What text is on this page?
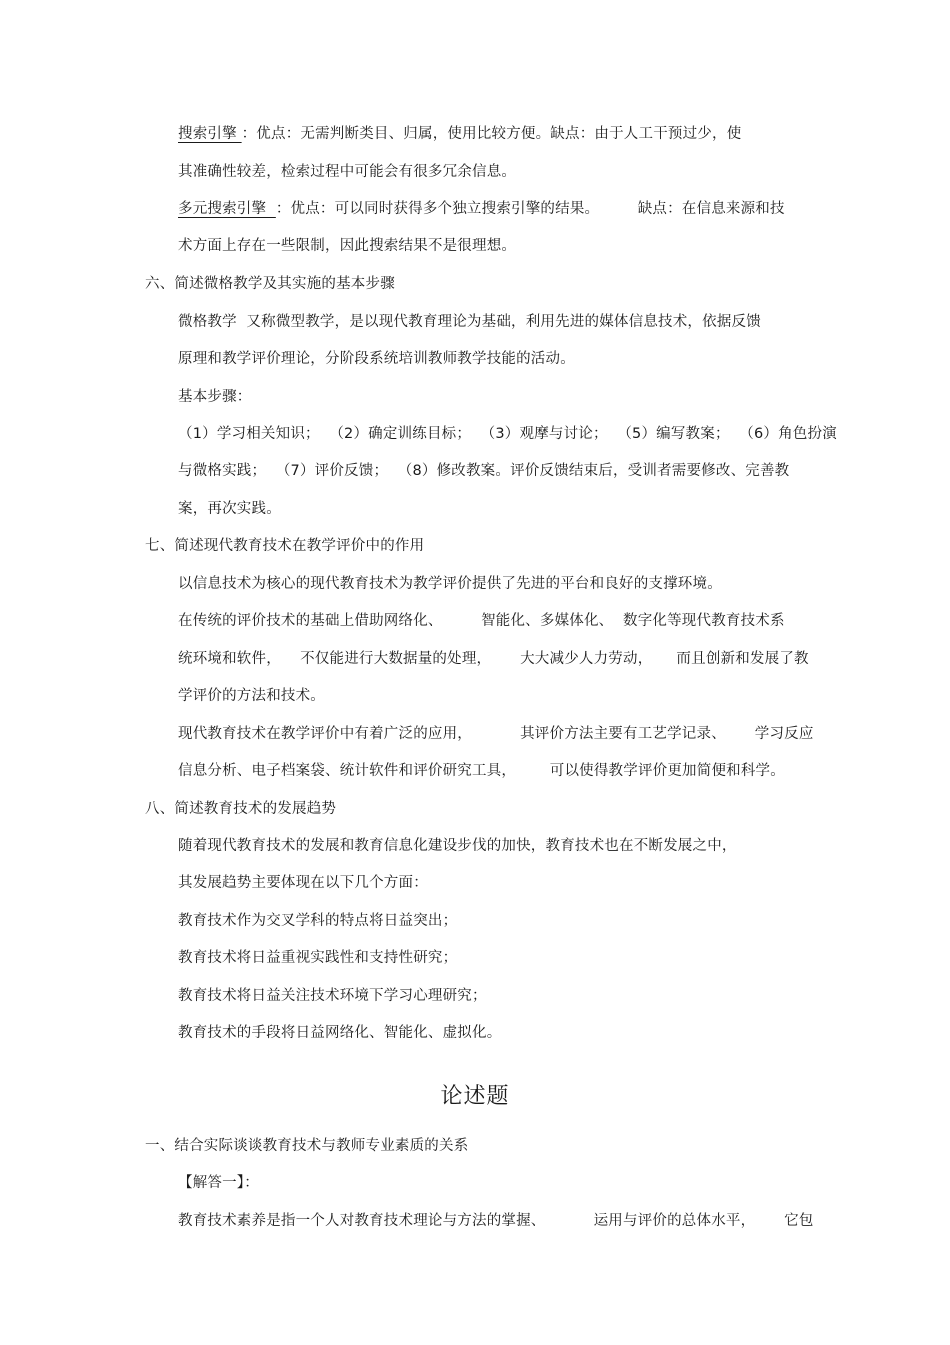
搜索引擎 ：优点：无需判断类目、归属，使用比较方便。缺点：由于人工干预过少，使
其准确性较差，检索过程中可能会有很多冗余信息。
多元搜索引擎  ：优点：可以同时获得多个独立搜索引擎的结果。        缺点：在信息来源和技
术方面上存在一些限制，因此搜索结果不是很理想。
六、简述微格教学及其实施的基本步骤
微格教学  又称微型教学，是以现代教育理论为基础，利用先进的媒体信息技术，依据反馈
原理和教学评价理论，分阶段系统培训教师教学技能的活动。
基本步骤：
（1）学习相关知识；  （2）确定训练目标；  （3）观摩与讨论；  （5）编写教案；  （6）角色扮演
与微格实践；  （7）评价反馈；  （8）修改教案。评价反馈结束后，受训者需要修改、完善教
案，再次实践。
七、简述现代教育技术在教学评价中的作用
以信息技术为核心的现代教育技术为教学评价提供了先进的平台和良好的支撑环境。
在传统的评价技术的基础上借助网络化、        智能化、多媒体化、  数字化等现代教育技术系
统环境和软件，    不仅能进行大数据量的处理，      大大减少人力劳动，     而且创新和发展了教
学评价的方法和技术。
现代教育技术在教学评价中有着广泛的应用，          其评价方法主要有工艺学记录、      学习反应
信息分析、电子档案袋、统计软件和评价研究工具，       可以使得教学评价更加简便和科学。
八、简述教育技术的发展趋势
随着现代教育技术的发展和教育信息化建设步伐的加快，教育技术也在不断发展之中，
其发展趋势主要体现在以下几个方面：
教育技术作为交叉学科的特点将日益突出；
教育技术将日益重视实践性和支持性研究；
教育技术将日益关注技术环境下学习心理研究；
教育技术的手段将日益网络化、智能化、虚拟化。
论述题
一、结合实际谈谈教育技术与教师专业素质的关系
【解答一】：
教育技术素养是指一个人对教育技术理论与方法的掌握、          运用与评价的总体水平，      它包
